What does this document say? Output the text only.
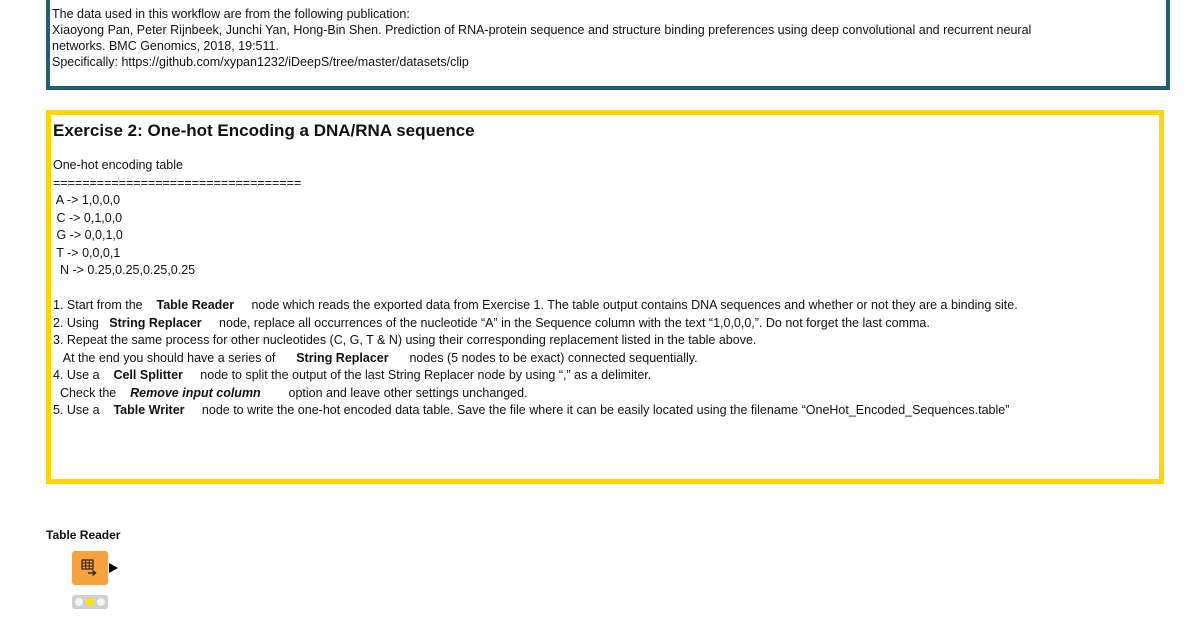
The data used in this workflow are from the following publication:
Xiaoyong Pan, Peter Rijnbeek, Junchi Yan, Hong-Bin Shen. Prediction of RNA-protein sequence and structure binding preferences using deep convolutional and recurrent neural
networks. BMC Genomics, 2018, 19:511.
Specifically: https://github.com/xypan1232/iDeepS/tree/master/datasets/clip
Exercise 2: One-hot Encoding a DNA/RNA sequence
One-hot encoding table
==================================
A -> 1,0,0,0
C -> 0,1,0,0
G -> 0,0,1,0
T -> 0,0,0,1
N -> 0.25,0.25,0.25,0.25

1. Start from the    Table Reader     node which reads the exported data from Exercise 1. The table output contains DNA sequences and whether or not they are a binding site.
2. Using   String Replacer     node, replace all occurrences of the nucleotide “A” in the Sequence column with the text “1,0,0,0,”. Do not forget the last comma.
3. Repeat the same process for other nucleotides (C, G, T & N) using their corresponding replacement listed in the table above.
At the end you should have a series of      String Replacer      nodes (5 nodes to be exact) connected sequentially.
4. Use a    Cell Splitter     node to split the output of the last String Replacer node by using “,” as a delimiter.
Check the    Remove input column        option and leave other settings unchanged.
5. Use a    Table Writer     node to write the one-hot encoded data table. Save the file where it can be easily located using the filename “OneHot_Encoded_Sequences.table”
Table Reader
